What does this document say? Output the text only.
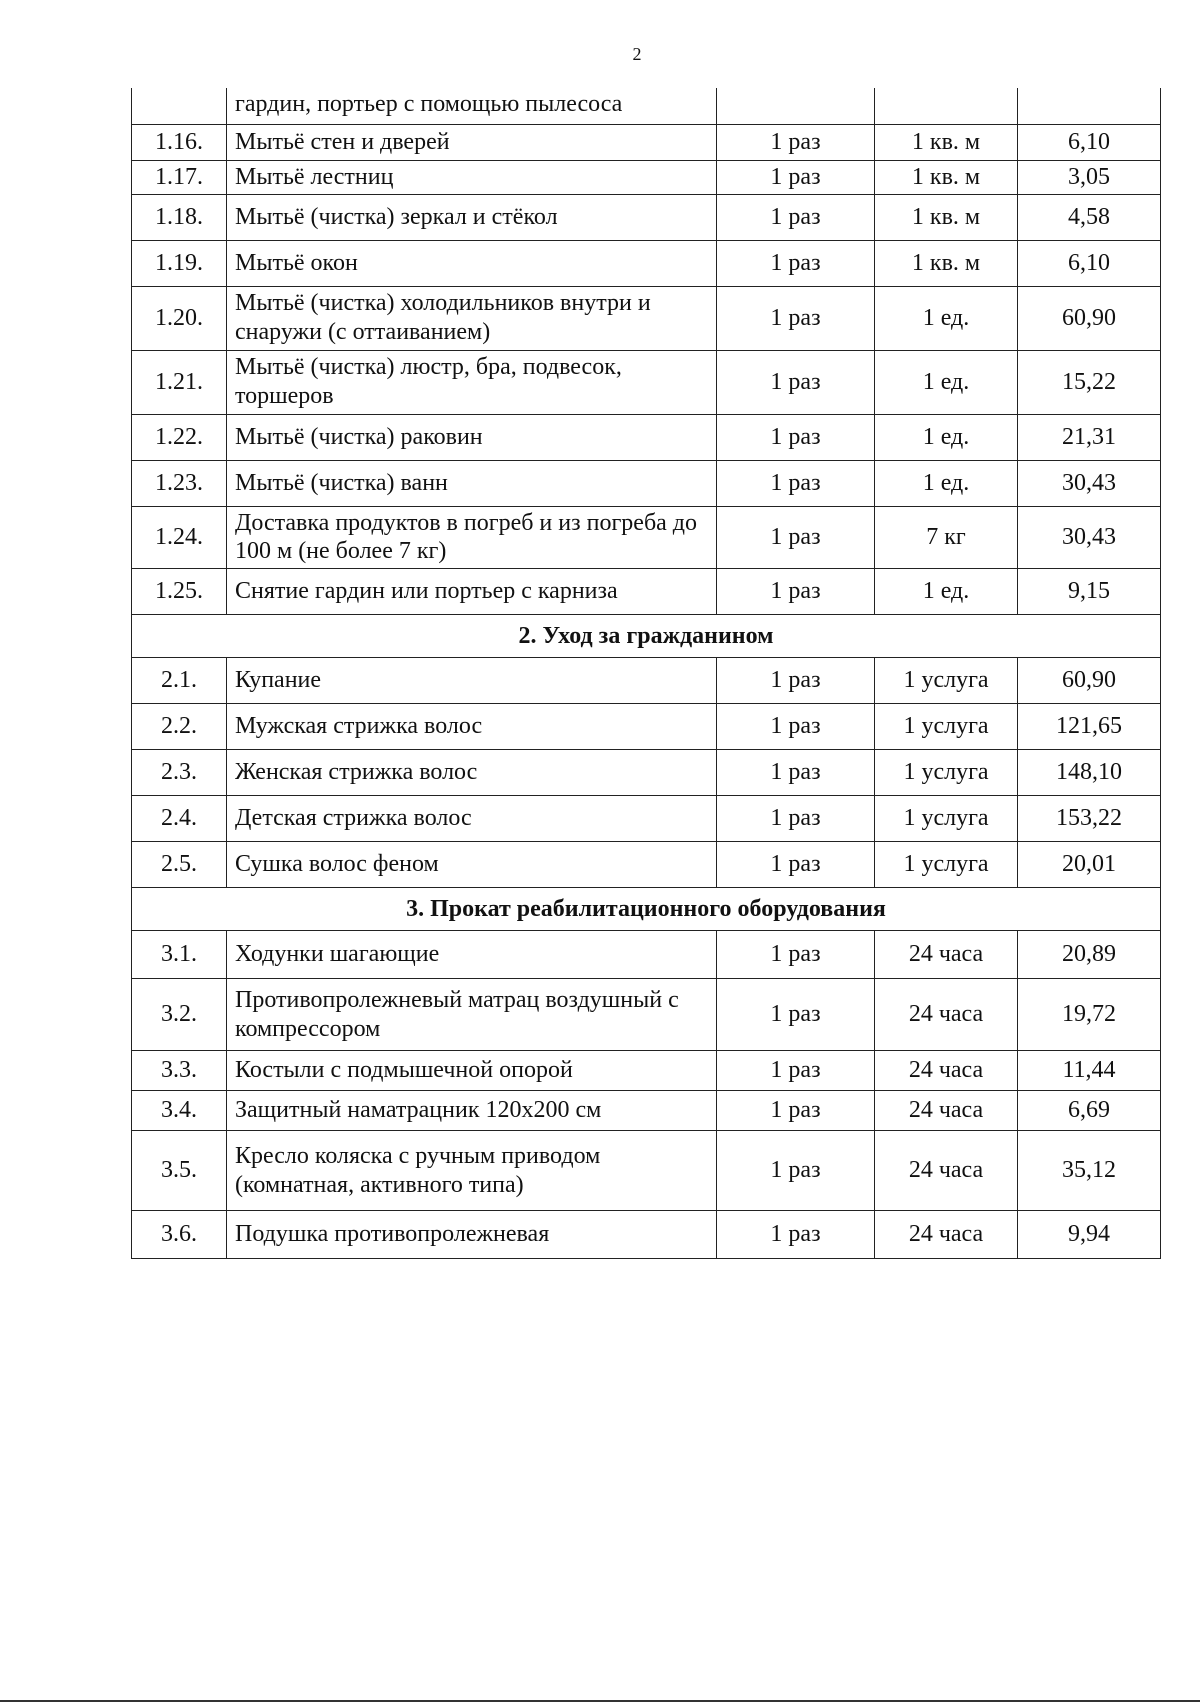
2
	гардин, портьер с помощью пылесоса			
1.16.	Мытьё стен и дверей	1 раз	1 кв. м	6,10
1.17.	Мытьё лестниц	1 раз	1 кв. м	3,05
1.18.	Мытьё (чистка) зеркал и стёкол	1 раз	1 кв. м	4,58
1.19.	Мытьё окон	1 раз	1 кв. м	6,10
1.20.	Мытьё (чистка) холодильников внутри и снаружи (с оттаиванием)	1 раз	1 ед.	60,90
1.21.	Мытьё (чистка) люстр, бра, подвесок, торшеров	1 раз	1 ед.	15,22
1.22.	Мытьё (чистка) раковин	1 раз	1 ед.	21,31
1.23.	Мытьё (чистка) ванн	1 раз	1 ед.	30,43
1.24.	Доставка продуктов в погреб и из погреба до 100 м (не более 7 кг)	1 раз	7 кг	30,43
1.25.	Снятие гардин или портьер с карниза	1 раз	1 ед.	9,15
2. Уход за гражданином				
2.1.	Купание	1 раз	1 услуга	60,90
2.2.	Мужская стрижка волос	1 раз	1 услуга	121,65
2.3.	Женская стрижка волос	1 раз	1 услуга	148,10
2.4.	Детская стрижка волос	1 раз	1 услуга	153,22
2.5.	Сушка волос феном	1 раз	1 услуга	20,01
3. Прокат реабилитационного оборудования				
3.1.	Ходунки шагающие	1 раз	24 часа	20,89
3.2.	Противопролежневый матрац воздушный с компрессором	1 раз	24 часа	19,72
3.3.	Костыли с подмышечной опорой	1 раз	24 часа	11,44
3.4.	Защитный наматрацник 120х200 см	1 раз	24 часа	6,69
3.5.	Кресло коляска с ручным приводом (комнатная, активного типа)	1 раз	24 часа	35,12
3.6.	Подушка противопролежневая	1 раз	24 часа	9,94
